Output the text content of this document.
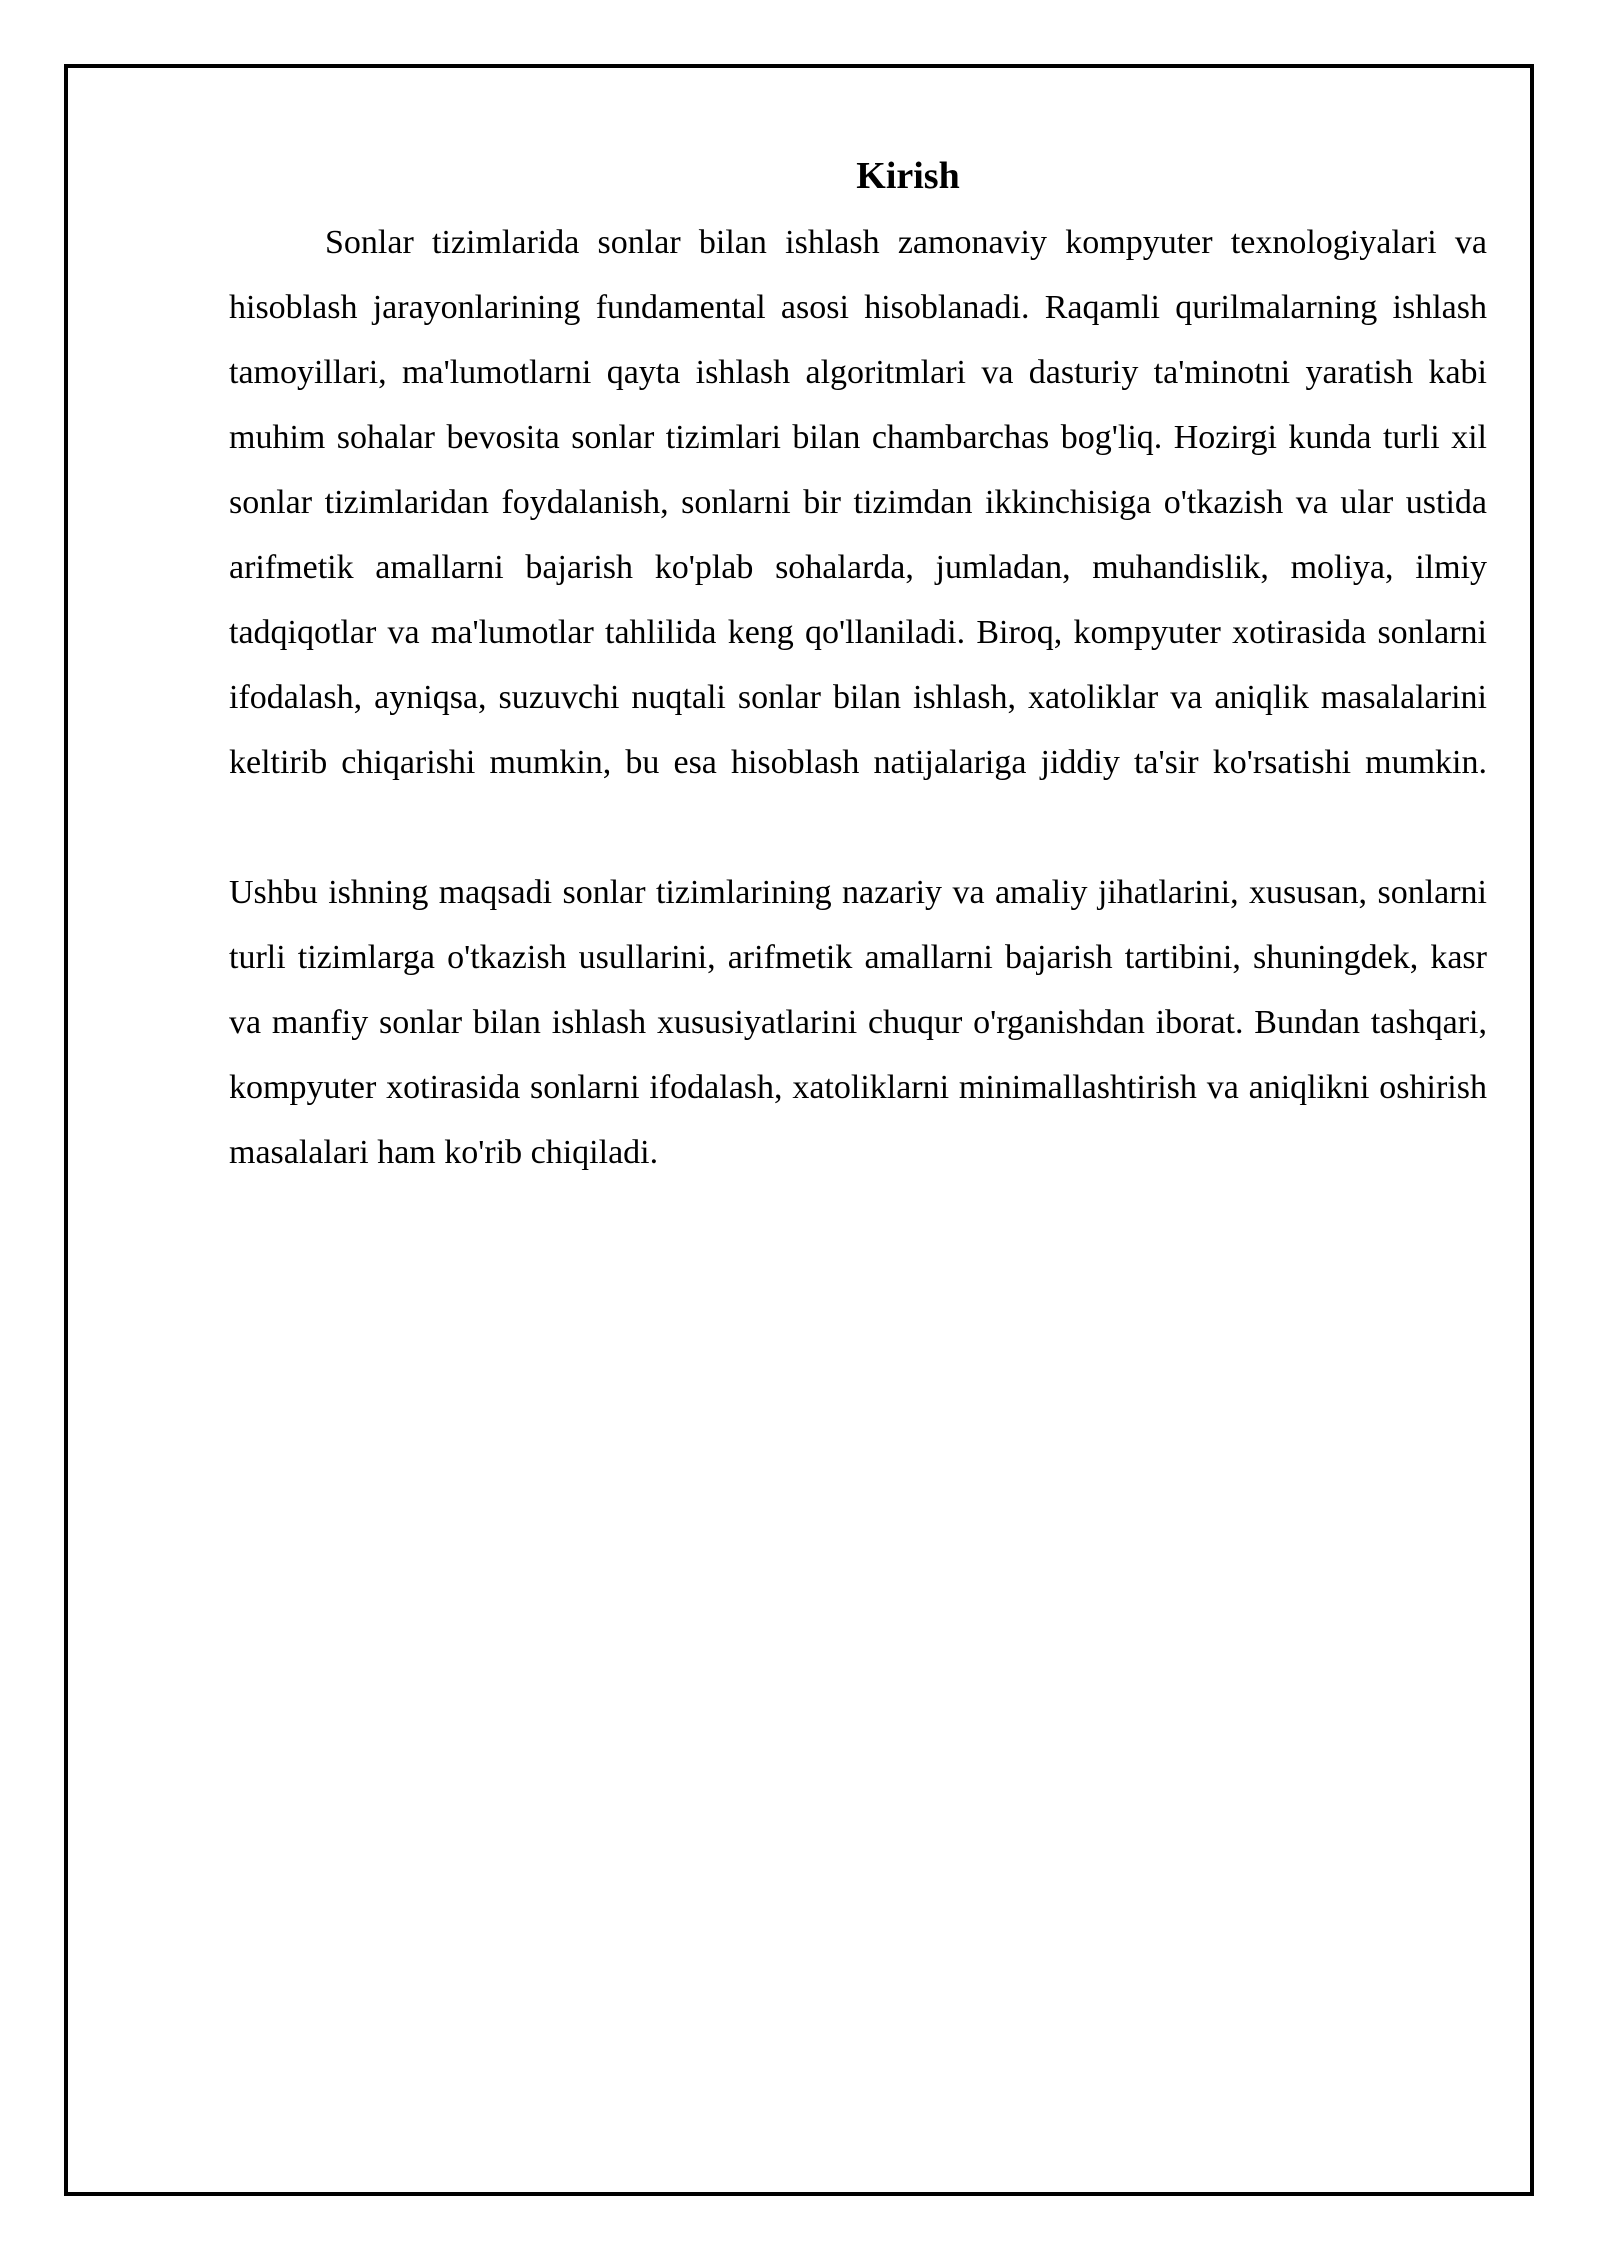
Kirish

Sonlar tizimlarida sonlar bilan ishlash zamonaviy kompyuter texnologiyalari va hisoblash jarayonlarining fundamental asosi hisoblanadi. Raqamli qurilmalarning ishlash tamoyillari, ma'lumotlarni qayta ishlash algoritmlari va dasturiy ta'minotni yaratish kabi muhim sohalar bevosita sonlar tizimlari bilan chambarchas bog'liq. Hozirgi kunda turli xil sonlar tizimlaridan foydalanish, sonlarni bir tizimdan ikkinchisiga o'tkazish va ular ustida arifmetik amallarni bajarish ko'plab sohalarda, jumladan, muhandislik, moliya, ilmiy tadqiqotlar va ma'lumotlar tahlilida keng qo'llaniladi. Biroq, kompyuter xotirasida sonlarni ifodalash, ayniqsa, suzuvchi nuqtali sonlar bilan ishlash, xatoliklar va aniqlik masalalarini keltirib chiqarishi mumkin, bu esa hisoblash natijalariga jiddiy ta'sir ko'rsatishi mumkin.

Ushbu ishning maqsadi sonlar tizimlarining nazariy va amaliy jihatlarini, xususan, sonlarni turli tizimlarga o'tkazish usullarini, arifmetik amallarni bajarish tartibini, shuningdek, kasr va manfiy sonlar bilan ishlash xususiyatlarini chuqur o'rganishdan iborat. Bundan tashqari, kompyuter xotirasida sonlarni ifodalash, xatoliklarni minimallashtirish va aniqlikni oshirish masalalari ham ko'rib chiqiladi.
